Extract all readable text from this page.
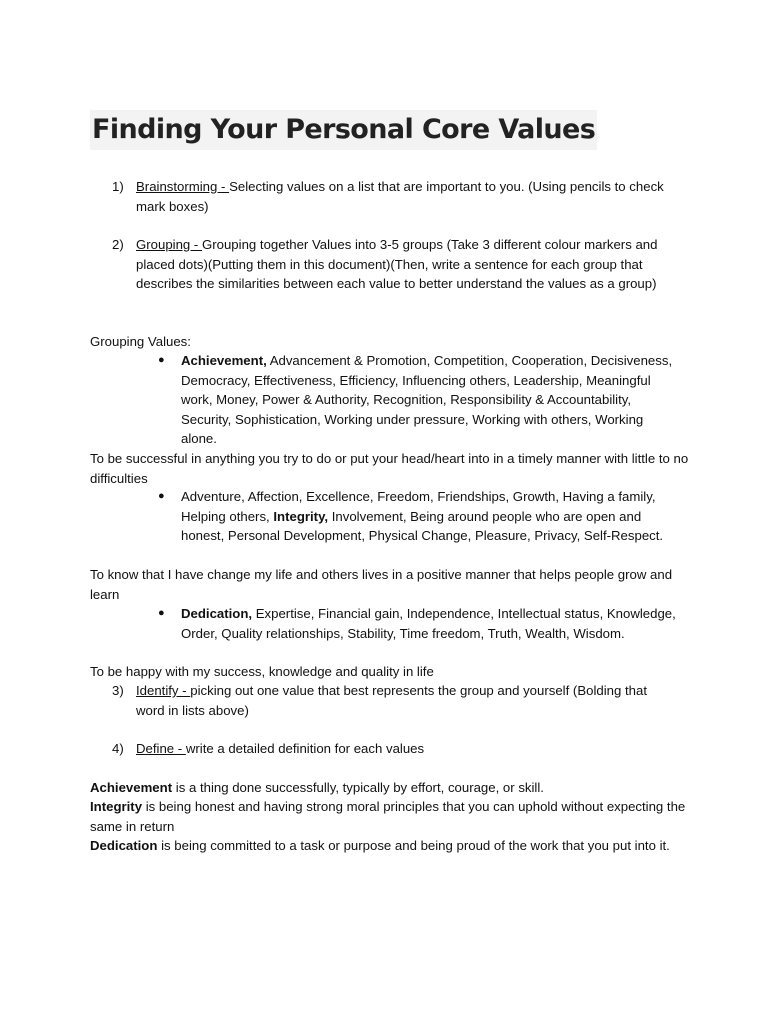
Finding Your Personal Core Values
1) Brainstorming - Selecting values on a list that are important to you. (Using pencils to check mark boxes)
2) Grouping - Grouping together Values into 3-5 groups (Take 3 different colour markers and placed dots)(Putting them in this document)(Then, write a sentence for each group that describes the similarities between each value to better understand the values as a group)
Grouping Values:
● Achievement, Advancement & Promotion, Competition, Cooperation, Decisiveness, Democracy, Effectiveness, Efficiency, Influencing others, Leadership, Meaningful work, Money, Power & Authority, Recognition, Responsibility & Accountability, Security, Sophistication, Working under pressure, Working with others, Working alone.
To be successful in anything you try to do or put your head/heart into in a timely manner with little to no difficulties
● Adventure, Affection, Excellence, Freedom, Friendships, Growth, Having a family, Helping others, Integrity, Involvement, Being around people who are open and honest, Personal Development, Physical Change, Pleasure, Privacy, Self-Respect.
To know that I have change my life and others lives in a positive manner that helps people grow and learn
● Dedication, Expertise, Financial gain, Independence, Intellectual status, Knowledge, Order, Quality relationships, Stability, Time freedom, Truth, Wealth, Wisdom.
To be happy with my success, knowledge and quality in life
3) Identify - picking out one value that best represents the group and yourself (Bolding that word in lists above)
4) Define - write a detailed definition for each values
Achievement is a thing done successfully, typically by effort, courage, or skill.
Integrity is being honest and having strong moral principles that you can uphold without expecting the same in return
Dedication is being committed to a task or purpose and being proud of the work that you put into it.
